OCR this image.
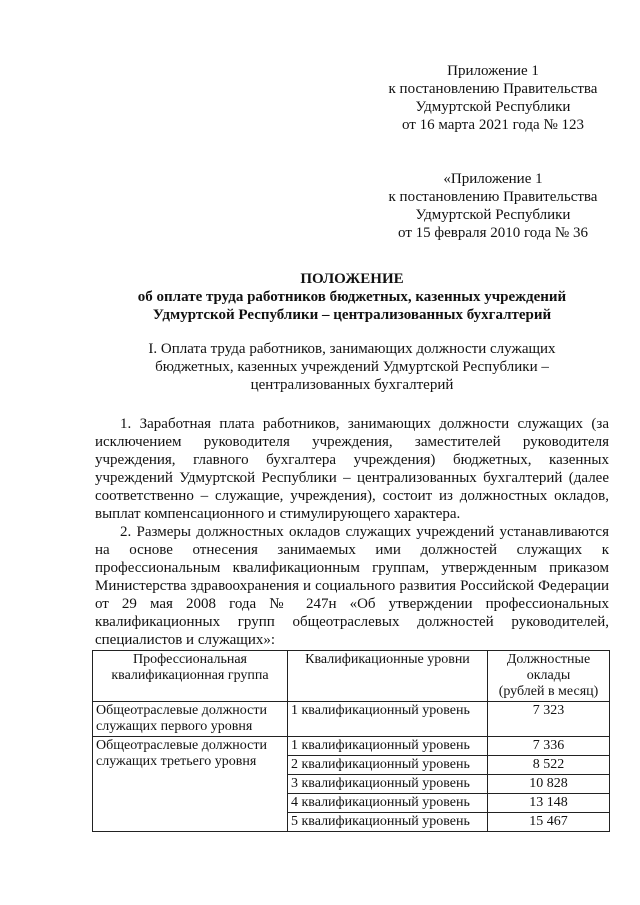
Приложение 1
к постановлению Правительства
Удмуртской Республики
от 16 марта 2021 года № 123
«Приложение 1
к постановлению Правительства
Удмуртской Республики
от 15 февраля 2010 года № 36
ПОЛОЖЕНИЕ
об оплате труда работников бюджетных, казенных учреждений
Удмуртской Республики – централизованных бухгалтерий
I. Оплата труда работников, занимающих должности служащих
бюджетных, казенных учреждений Удмуртской Республики –
централизованных бухгалтерий
1. Заработная плата работников, занимающих должности служащих (за
исключением руководителя учреждения, заместителей руководителя
учреждения, главного бухгалтера учреждения) бюджетных, казенных
учреждений Удмуртской Республики – централизованных бухгалтерий (далее
соответственно – служащие, учреждения), состоит из должностных окладов,
выплат компенсационного и стимулирующего характера.
2. Размеры должностных окладов служащих учреждений устанавливаются
на основе отнесения занимаемых ими должностей служащих к
профессиональным квалификационным группам, утвержденным приказом
Министерства здравоохранения и социального развития Российской Федерации
от 29 мая 2008 года № 247н «Об утверждении профессиональных
квалификационных групп общеотраслевых должностей руководителей,
специалистов и служащих»:
Профессиональная квалификационная группа	Квалификационные уровни	Должностные
оклады
(рублей в месяц)

Общеотраслевые должности служащих первого уровня	1 квалификационный уровень	7 323
Общеотраслевые должности служащих третьего уровня	1 квалификационный уровень	7 336
	2 квалификационный уровень	8 522
	3 квалификационный уровень	10 828
	4 квалификационный уровень	13 148
	5 квалификационный уровень	15 467
